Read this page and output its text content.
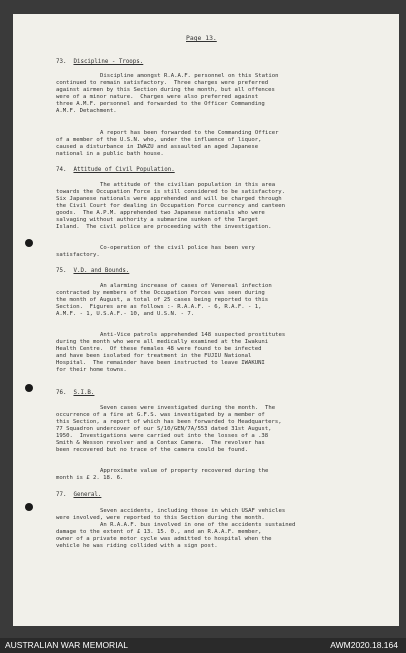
Page 13.
73. Discipline - Troops.
Discipline amongst R.A.A.F. personnel on this Station
continued to remain satisfactory.  Three charges were preferred
against airmen by this Section during the month, but all offences
were of a minor nature.  Charges were also preferred against
three A.M.F. personnel and forwarded to the Officer Commanding
A.M.F. Detachment.
A report has been forwarded to the Commanding Officer
of a member of the U.S.N. who, under the influence of liquor,
caused a disturbance in IWAZU and assaulted an aged Japanese
national in a public bath house.
74. Attitude of Civil Population.
The attitude of the civilian population in this area
towards the Occupation Force is still considered to be satisfactory.
Six Japanese nationals were apprehended and will be charged through
the Civil Court for dealing in Occupation Force currency and canteen
goods.  The A.P.M. apprehended two Japanese nationals who were
salvaging without authority a submarine sunken of the Target
Island.  The civil police are proceeding with the investigation.
Co-operation of the civil police has been very
satisfactory.
75. V.D. and Bounds.
An alarming increase of cases of Venereal infection
contracted by members of the Occupation Forces was seen during
the month of August, a total of 25 cases being reported to this
Section.  Figures are as follows :- R.A.A.F. - 6, R.A.F. - 1,
A.M.F. - 1, U.S.A.F.- 10, and U.S.N. - 7.
Anti-Vice patrols apprehended 148 suspected prostitutes
during the month who were all medically examined at the Iwakuni
Health Centre.  Of these females 48 were found to be infected
and have been isolated for treatment in the FUJIU National
Hospital.  The remainder have been instructed to leave IWAKUNI
for their home towns.
76. S.I.B.
Seven cases were investigated during the month.  The
occurrence of a fire at G.F.S. was investigated by a member of
this Section, a report of which has been forwarded to Headquarters,
77 Squadron undercover of our S/10/GEN/7A/553 dated 31st August,
1950.  Investigations were carried out into the losses of a .38
Smith & Wesson revolver and a Contax Camera.  The revolver has
been recovered but no trace of the camera could be found.
Approximate value of property recovered during the
month is £ 2. 18. 6.
77. General.
Seven accidents, including those in which USAF vehicles
were involved, were reported to this Section during the month.
An R.A.A.F. bus involved in one of the accidents sustained
damage to the extent of £ 13. 15. 0., and an R.A.A.F. member,
owner of a private motor cycle was admitted to hospital when the
vehicle he was riding collided with a sign post.
AUSTRALIAN WAR MEMORIAL	AWM2020.18.164
